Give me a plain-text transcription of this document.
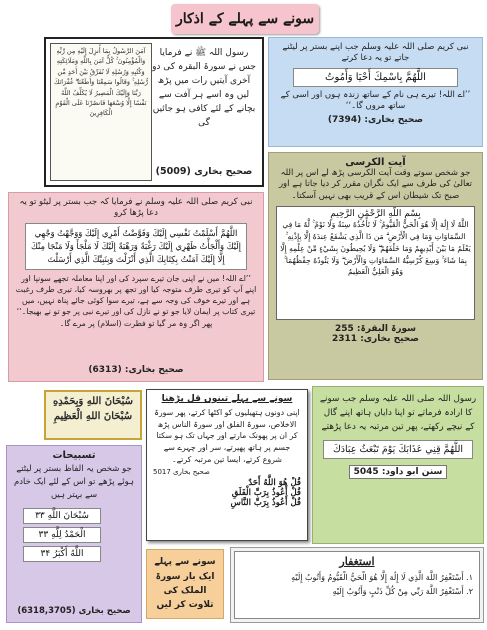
سونے سے پہلے کے اذکار
آمَنَ الرَّسُولُ بِمَا أُنزِلَ إِلَيْهِ مِن رَّبِّهِ وَالْمُؤْمِنُونَ ۚ كُلٌّ آمَنَ بِاللَّهِ وَمَلَائِكَتِهِ وَكُتُبِهِ وَرُسُلِهِ لَا نُفَرِّقُ بَيْنَ أَحَدٍ مِّن رُّسُلِهِ ۚ وَقَالُوا سَمِعْنَا وَأَطَعْنَا ۖ غُفْرَانَكَ رَبَّنَا وَإِلَيْكَ الْمَصِيرُ لَا يُكَلِّفُ اللَّهُ نَفْسًا إِلَّا وُسْعَهَا فَانصُرْنَا عَلَى الْقَوْمِ الْكَافِرِينَ
رسول اللہ ﷺ نے فرمایا جس نے سورۃ البقرہ کی دو آخری آیتیں رات میں پڑھ لیں وہ اسے ہر آفت سے بچانے کے لئے کافی ہو جائیں گی
صحیح بخاری (5009)
نبی کریم صلی اللہ علیہ وسلم جب اپنے بستر پر لیٹنے جاتے تو یہ دعا کرتے
اللَّهُمَّ بِاسْمِكَ أَحْيَا وَأَمُوتُ
’’اے اللہ! تیرے ہی نام کے ساتھ زندہ ہوں اور اسی کے ساتھ مروں گا۔‘‘
صحیح بخاری: (7394)
آیت الکرسی
جو شخص سوتے وقت آیت الکرسی پڑھ لے اس پر اللہ تعالیٰ کی طرف سے ایک نگران مقرر کر دیا جاتا ہے اور صبح تک شیطان اس کے قریب بھی نہیں آسکتا۔
بِسْمِ اللَّهِ الرَّحْمَٰنِ الرَّحِيمِ
اللَّهُ لَا إِلَٰهَ إِلَّا هُوَ الْحَيُّ الْقَيُّومُ ۚ لَا تَأْخُذُهُ سِنَةٌ وَلَا نَوْمٌ ۚ لَّهُ مَا فِي السَّمَاوَاتِ وَمَا فِي الْأَرْضِ ۗ مَن ذَا الَّذِي يَشْفَعُ عِندَهُ إِلَّا بِإِذْنِهِ ۚ يَعْلَمُ مَا بَيْنَ أَيْدِيهِمْ وَمَا خَلْفَهُمْ ۖ وَلَا يُحِيطُونَ بِشَيْءٍ مِّنْ عِلْمِهِ إِلَّا بِمَا شَاءَ ۚ وَسِعَ كُرْسِيُّهُ السَّمَاوَاتِ وَالْأَرْضَ ۖ وَلَا يَئُودُهُ حِفْظُهُمَا ۚ وَهُوَ الْعَلِيُّ الْعَظِيمُ
سورۃ البقرۃ: 255
صحیح بخاری: 2311
نبی کریم صلی اللہ علیہ وسلم نے فرمایا کہ جب بستر پر لیٹو تو یہ دعا پڑھا کرو
اللَّهُمَّ أَسْلَمْتُ نَفْسِي إِلَيْكَ وَفَوَّضْتُ أَمْرِي إِلَيْكَ وَوَجَّهْتُ وَجْهِي إِلَيْكَ وَأَلْجَأْتُ ظَهْرِي إِلَيْكَ رَغْبَةً وَرَهْبَةً إِلَيْكَ لَا مَلْجَأَ وَلَا مَنْجَا مِنْكَ إِلَّا إِلَيْكَ آمَنْتُ بِكِتَابِكَ الَّذِي أَنْزَلْتَ وَبِنَبِيِّكَ الَّذِي أَرْسَلْتَ
’’اے اللہ! میں نے اپنی جان تیرے سپرد کی اور اپنا معاملہ تجھے سونپا اور اپنے آپ کو تیری طرف متوجہ کیا اور تجھ پر بھروسہ کیا، تیری طرف رغبت ہے اور تیرے خوف کی وجہ سے ہے، تیرے سوا کوئی جائے پناہ نہیں، میں تیری کتاب پر ایمان لایا جو تو نے نازل کی اور تیرے نبی پر جو تو نے بھیجا۔‘‘ پھر اگر وہ مر گیا تو فطرت (اسلام) پر مرے گا۔
صحیح بخاری: (6313)
سُبْحَانَ اللهِ وَبِحَمْدِهِ
سُبْحَانَ اللهِ الْعَظِيمِ
سونے سے پہلے تینوں قل پڑھنا
اپنی دونوں ہتھیلیوں کو اکٹھا کرتے، پھر سورۃ الاخلاص، سورۃ الفلق اور سورۃ الناس پڑھ کر ان پر پھونک مارتے اور جہاں تک ہو سکتا جسم پر ہاتھ پھیرتے، سر اور چہرے سے شروع کرتے، ایسا تین مرتبہ کرتے۔
صحیح بخاری 5017
قُلْ هُوَ اللَّهُ أَحَدٌ
قُلْ أَعُوذُ بِرَبِّ الْفَلَقِ
قُلْ أَعُوذُ بِرَبِّ النَّاسِ
رسول اللہ صلی اللہ علیہ وسلم جب سونے کا ارادہ فرماتے تو اپنا دایاں ہاتھ اپنے گال کے نیچے رکھتے، پھر تین مرتبہ یہ دعا پڑھتے
اللَّهُمَّ قِنِي عَذَابَكَ يَوْمَ تَبْعَثُ عِبَادَكَ
سنن ابو داود: 5045
تسبیحات
جو شخص یہ الفاظ بستر پر لیٹتے ہوئے پڑھے تو اس کے لئے ایک خادم سے بہتر ہیں
سُبْحَانَ اللَّهِ ۳۳
الْحَمْدُ لِلَّهِ ۳۳
اللَّهُ أَكْبَرُ ۳۴
صحیح بخاری (6318,3705)
سونے سے پہلے ایک بار سورۃ الملک کی تلاوت کر لیں
استغفار
۱. أَسْتَغْفِرُ اللَّهَ الَّذِي لَا إِلَٰهَ إِلَّا هُوَ الْحَيُّ الْقَيُّومُ وَأَتُوبُ إِلَيْهِ
۲. أَسْتَغْفِرُ اللَّهَ رَبِّي مِنْ كُلِّ ذَنْبٍ وَأَتُوبُ إِلَيْهِ
